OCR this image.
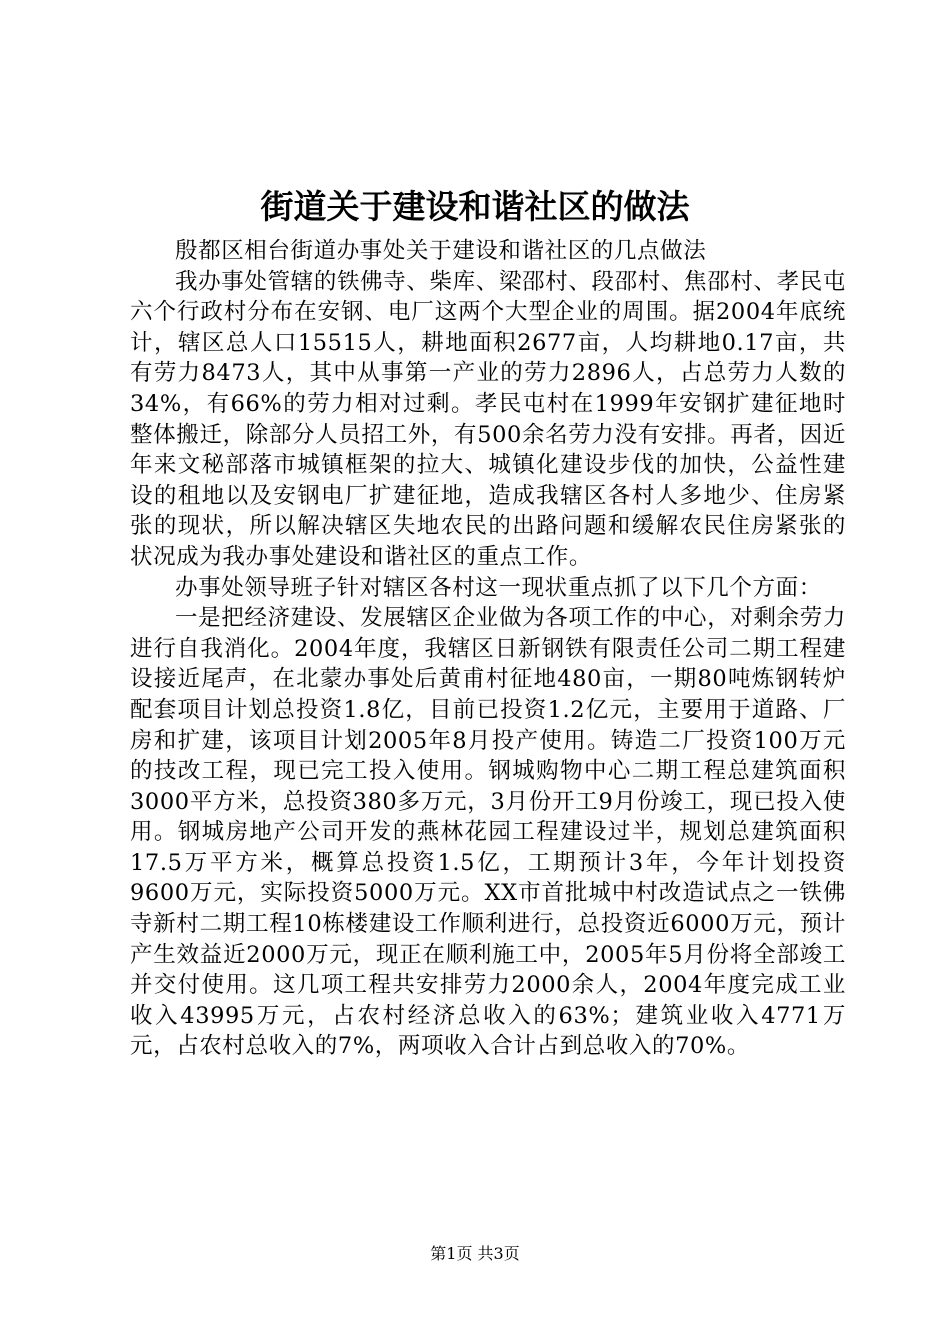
街道关于建设和谐社区的做法

殷都区相台街道办事处关于建设和谐社区的几点做法

我办事处管辖的铁佛寺、柴库、梁邵村、段邵村、焦邵村、孝民屯六个行政村分布在安钢、电厂这两个大型企业的周围。据2004年底统计，辖区总人口15515人，耕地面积2677亩，人均耕地0.17亩，共有劳力8473人，其中从事第一产业的劳力2896人，占总劳力人数的34%，有66%的劳力相对过剩。孝民屯村在1999年安钢扩建征地时整体搬迁，除部分人员招工外，有500余名劳力没有安排。再者，因近年来文秘部落市城镇框架的拉大、城镇化建设步伐的加快，公益性建设的租地以及安钢电厂扩建征地，造成我辖区各村人多地少、住房紧张的现状，所以解决辖区失地农民的出路问题和缓解农民住房紧张的状况成为我办事处建设和谐社区的重点工作。

办事处领导班子针对辖区各村这一现状重点抓了以下几个方面：

一是把经济建设、发展辖区企业做为各项工作的中心，对剩余劳力进行自我消化。2004年度，我辖区日新钢铁有限责任公司二期工程建设接近尾声，在北蒙办事处后黄甫村征地480亩，一期80吨炼钢转炉配套项目计划总投资1.8亿，目前已投资1.2亿元，主要用于道路、厂房和扩建，该项目计划2005年8月投产使用。铸造二厂投资100万元的技改工程，现已完工投入使用。钢城购物中心二期工程总建筑面积3000平方米，总投资380多万元，3月份开工9月份竣工，现已投入使用。钢城房地产公司开发的燕林花园工程建设过半，规划总建筑面积17.5万平方米，概算总投资1.5亿，工期预计3年，今年计划投资9600万元，实际投资5000万元。XX市首批城中村改造试点之一铁佛寺新村二期工程10栋楼建设工作顺利进行，总投资近6000万元，预计产生效益近2000万元，现正在顺利施工中，2005年5月份将全部竣工并交付使用。这几项工程共安排劳力2000余人，2004年度完成工业收入43995万元，占农村经济总收入的63%；建筑业收入4771万元，占农村总收入的7%，两项收入合计占到总收入的70%。

第1页 共3页
